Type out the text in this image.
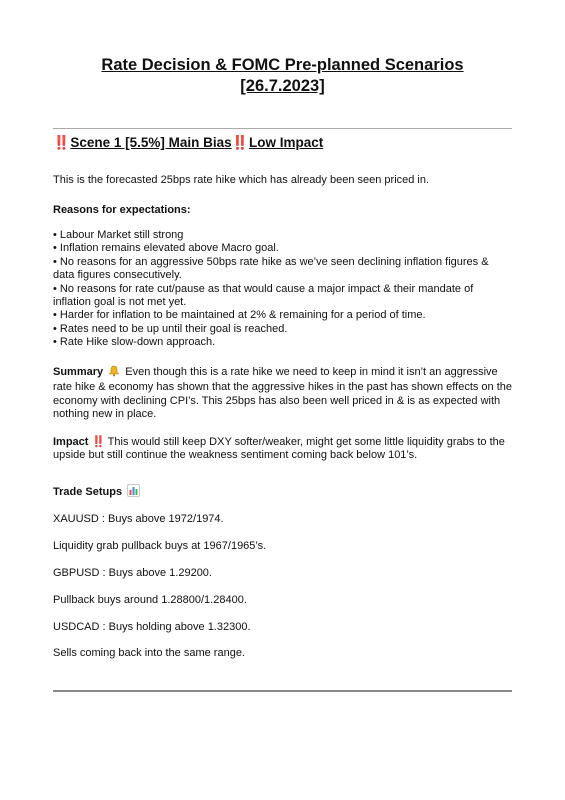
Rate Decision & FOMC Pre-planned Scenarios
[26.7.2023]
‼️ Scene 1 [5.5%] Main Bias‼️ Low Impact
This is the forecasted 25bps rate hike which has already been seen priced in.
Reasons for expectations:
• Labour Market still strong
• Inflation remains elevated above Macro goal.
• No reasons for an aggressive 50bps rate hike as we’ve seen declining inflation figures & data figures consecutively.
• No reasons for rate cut/pause as that would cause a major impact & their mandate of inflation goal is not met yet.
• Harder for inflation to be maintained at 2% & remaining for a period of time.
• Rates need to be up until their goal is reached.
• Rate Hike slow-down approach.
Summary Even though this is a rate hike we need to keep in mind it isn’t an aggressive rate hike & economy has shown that the aggressive hikes in the past has shown effects on the economy with declining CPI’s. This 25bps has also been well priced in & is as expected with nothing new in place.
Impact ‼️ This would still keep DXY softer/weaker, might get some little liquidity grabs to the upside but still continue the weakness sentiment coming back below 101’s.
Trade Setups
XAUUSD : Buys above 1972/1974.
Liquidity grab pullback buys at 1967/1965’s.
GBPUSD : Buys above 1.29200.
Pullback buys around 1.28800/1.28400.
USDCAD : Buys holding above 1.32300.
Sells coming back into the same range.
